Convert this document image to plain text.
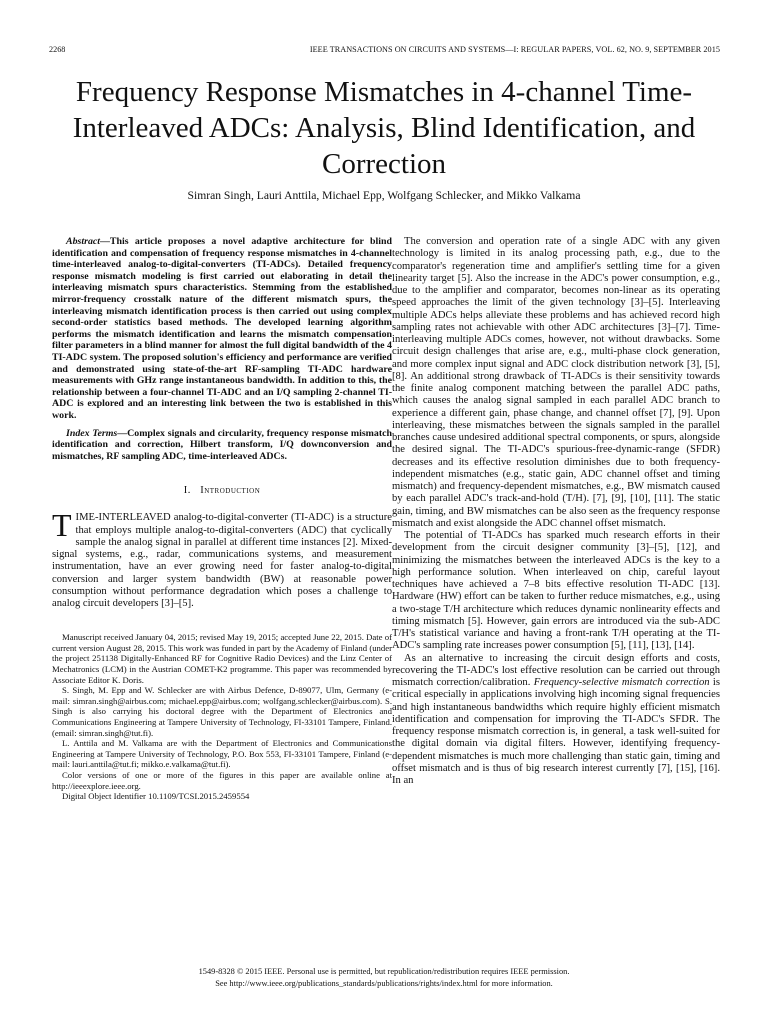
2268	IEEE TRANSACTIONS ON CIRCUITS AND SYSTEMS—I: REGULAR PAPERS, VOL. 62, NO. 9, SEPTEMBER 2015
Frequency Response Mismatches in 4-channel Time-Interleaved ADCs: Analysis, Blind Identification, and Correction
Simran Singh, Lauri Anttila, Michael Epp, Wolfgang Schlecker, and Mikko Valkama

Abstract—This article proposes a novel adaptive architecture for blind identification and compensation of frequency response mismatches in 4-channel time-interleaved analog-to-digital-converters (TI-ADCs). Detailed frequency response mismatch modeling is first carried out elaborating in detail the interleaving mismatch spurs characteristics. Stemming from the established mirror-frequency crosstalk nature of the different mismatch spurs, the interleaving mismatch identification process is then carried out using complex second-order statistics based methods. The developed learning algorithm performs the mismatch identification and learns the mismatch compensation filter parameters in a blind manner for almost the full digital bandwidth of the 4 TI-ADC system. The proposed solution's efficiency and performance are verified and demonstrated using state-of-the-art RF-sampling TI-ADC hardware measurements with GHz range instantaneous bandwidth. In addition to this, the relationship between a four-channel TI-ADC and an I/Q sampling 2-channel TI-ADC is explored and an interesting link between the two is established in this work.

Index Terms—Complex signals and circularity, frequency response mismatch identification and correction, Hilbert transform, I/Q downconversion and mismatches, RF sampling ADC, time-interleaved ADCs.

I. Introduction

TIME-INTERLEAVED analog-to-digital-converter (TI-ADC) is a structure that employs multiple analog-to-digital-converters (ADC) that cyclically sample the analog signal in parallel at different time instances [2]. Mixed-signal systems, e.g., radar, communications systems, and measurement instrumentation, have an ever growing need for faster analog-to-digital conversion and larger system bandwidth (BW) at reasonable power consumption without performance degradation which poses a challenge to analog circuit developers [3]–[5].

Manuscript received January 04, 2015; revised May 19, 2015; accepted June 22, 2015. Date of current version August 28, 2015. This work was funded in part by the Academy of Finland (under the project 251138 Digitally-Enhanced RF for Cognitive Radio Devices) and the Linz Center of Mechatronics (LCM) in the Austrian COMET-K2 programme. This paper was recommended by Associate Editor K. Doris.

S. Singh, M. Epp and W. Schlecker are with Airbus Defence, D-89077, Ulm, Germany (e-mail: simran.singh@airbus.com; michael.epp@airbus.com; wolfgang.schlecker@airbus.com). S. Singh is also carrying his doctoral degree with the Department of Electronics and Communications Engineering at Tampere University of Technology, FI-33101 Tampere, Finland. (email: simran.singh@tut.fi).

L. Anttila and M. Valkama are with the Department of Electronics and Communications Engineering at Tampere University of Technology, P.O. Box 553, FI-33101 Tampere, Finland (e-mail: lauri.anttila@tut.fi; mikko.e.valkama@tut.fi).

Color versions of one or more of the figures in this paper are available online at http://ieeexplore.ieee.org.

Digital Object Identifier 10.1109/TCSI.2015.2459554

The conversion and operation rate of a single ADC with any given technology is limited in its analog processing path, e.g., due to the comparator's regeneration time and amplifier's settling time for a given linearity target [5]. Also the increase in the ADC's power consumption, e.g., due to the amplifier and comparator, becomes non-linear as its operating speed approaches the limit of the given technology [3]–[5]. Interleaving multiple ADCs helps alleviate these problems and has achieved record high sampling rates not achievable with other ADC architectures [3]–[7]. Time-interleaving multiple ADCs comes, however, not without drawbacks. Some circuit design challenges that arise are, e.g., multi-phase clock generation, and more complex input signal and ADC clock distribution network [3], [5], [8]. An additional strong drawback of TI-ADCs is their sensitivity towards the finite analog component matching between the parallel ADC paths, which causes the analog signal sampled in each parallel ADC branch to experience a different gain, phase change, and channel offset [7], [9]. Upon interleaving, these mismatches between the signals sampled in the parallel branches cause undesired additional spectral components, or spurs, alongside the desired signal. The TI-ADC's spurious-free-dynamic-range (SFDR) decreases and its effective resolution diminishes due to both frequency-independent mismatches (e.g., static gain, ADC channel offset and timing mismatch) and frequency-dependent mismatches, e.g., BW mismatch caused by each parallel ADC's track-and-hold (T/H). [7], [9], [10], [11]. The static gain, timing, and BW mismatches can be also seen as the frequency response mismatch and exist alongside the ADC channel offset mismatch.

The potential of TI-ADCs has sparked much research efforts in their development from the circuit designer community [3]–[5], [12], and minimizing the mismatches between the interleaved ADCs is the key to a high performance solution. When interleaved on chip, careful layout techniques have achieved a 7–8 bits effective resolution TI-ADC [13]. Hardware (HW) effort can be taken to further reduce mismatches, e.g., using a two-stage T/H architecture which reduces dynamic nonlinearity effects and timing mismatch [5]. However, gain errors are introduced via the sub-ADC T/H's statistical variance and having a front-rank T/H operating at the TI-ADC's sampling rate increases power consumption [5], [11], [13], [14].

As an alternative to increasing the circuit design efforts and costs, recovering the TI-ADC's lost effective resolution can be carried out through mismatch correction/calibration. Frequency-selective mismatch correction is critical especially in applications involving high incoming signal frequencies and high instantaneous bandwidths which require highly efficient mismatch identification and compensation for improving the TI-ADC's SFDR. The frequency response mismatch correction is, in general, a task well-suited for the digital domain via digital filters. However, identifying frequency-dependent mismatches is much more challenging than static gain, timing and offset mismatch and is thus of big research interest currently [7], [15], [16]. In an

1549-8328 © 2015 IEEE. Personal use is permitted, but republication/redistribution requires IEEE permission.
See http://www.ieee.org/publications_standards/publications/rights/index.html for more information.
